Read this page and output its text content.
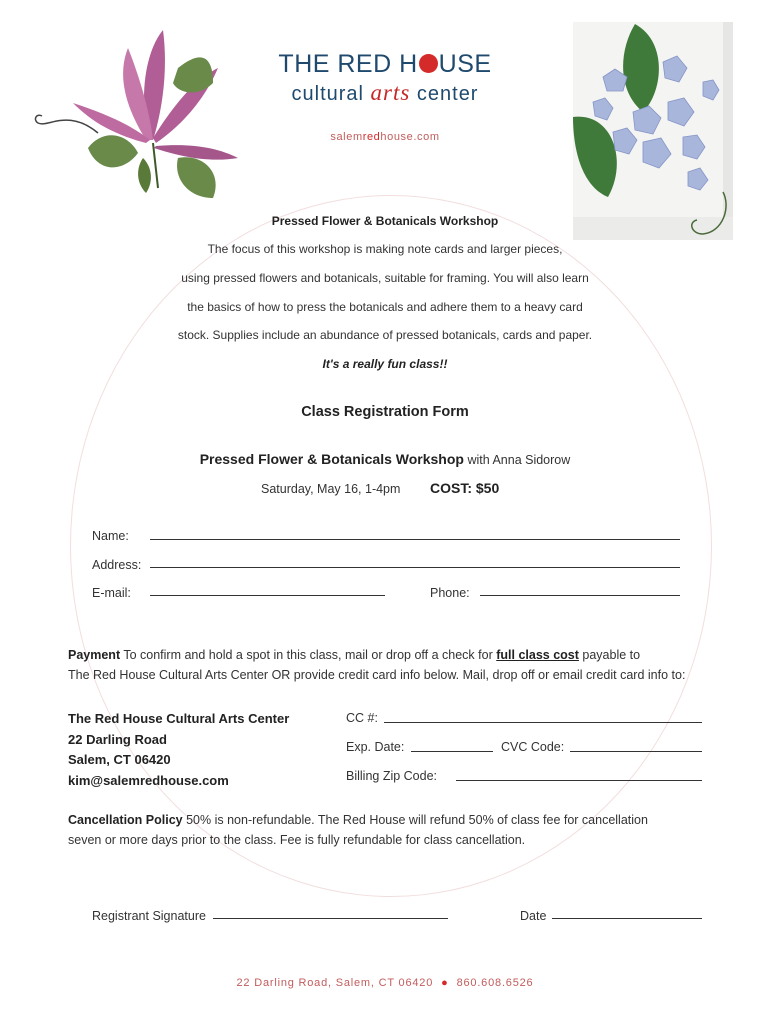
THE RED H USE
cultural arts center
salemredhouse.com
Pressed Flower & Botanicals Workshop
The focus of this workshop is making note cards and larger pieces,
using pressed flowers and botanicals, suitable for framing. You will also learn
the basics of how to press the botanicals and adhere them to a heavy card
stock. Supplies include an abundance of pressed botanicals, cards and paper.
It's a really fun class!!
Class Registration Form
Pressed Flower & Botanicals Workshop with Anna Sidorow
Saturday, May 16, 1-4pm COST: $50
Name:
Address:
E-mail:	Phone:
Payment To confirm and hold a spot in this class, mail or drop off a check for full class cost payable to
The Red House Cultural Arts Center OR provide credit card info below. Mail, drop off or email credit card info to:
The Red House Cultural Arts Center
22 Darling Road
Salem, CT 06420
kim@salemredhouse.com
CC #:
Exp. Date:	CVC Code:
Billing Zip Code:
Cancellation Policy 50% is non-refundable. The Red House will refund 50% of class fee for cancellation
seven or more days prior to the class. Fee is fully refundable for class cancellation.
Registrant Signature	Date
22 Darling Road, Salem, CT 06420 ● 860.608.6526
